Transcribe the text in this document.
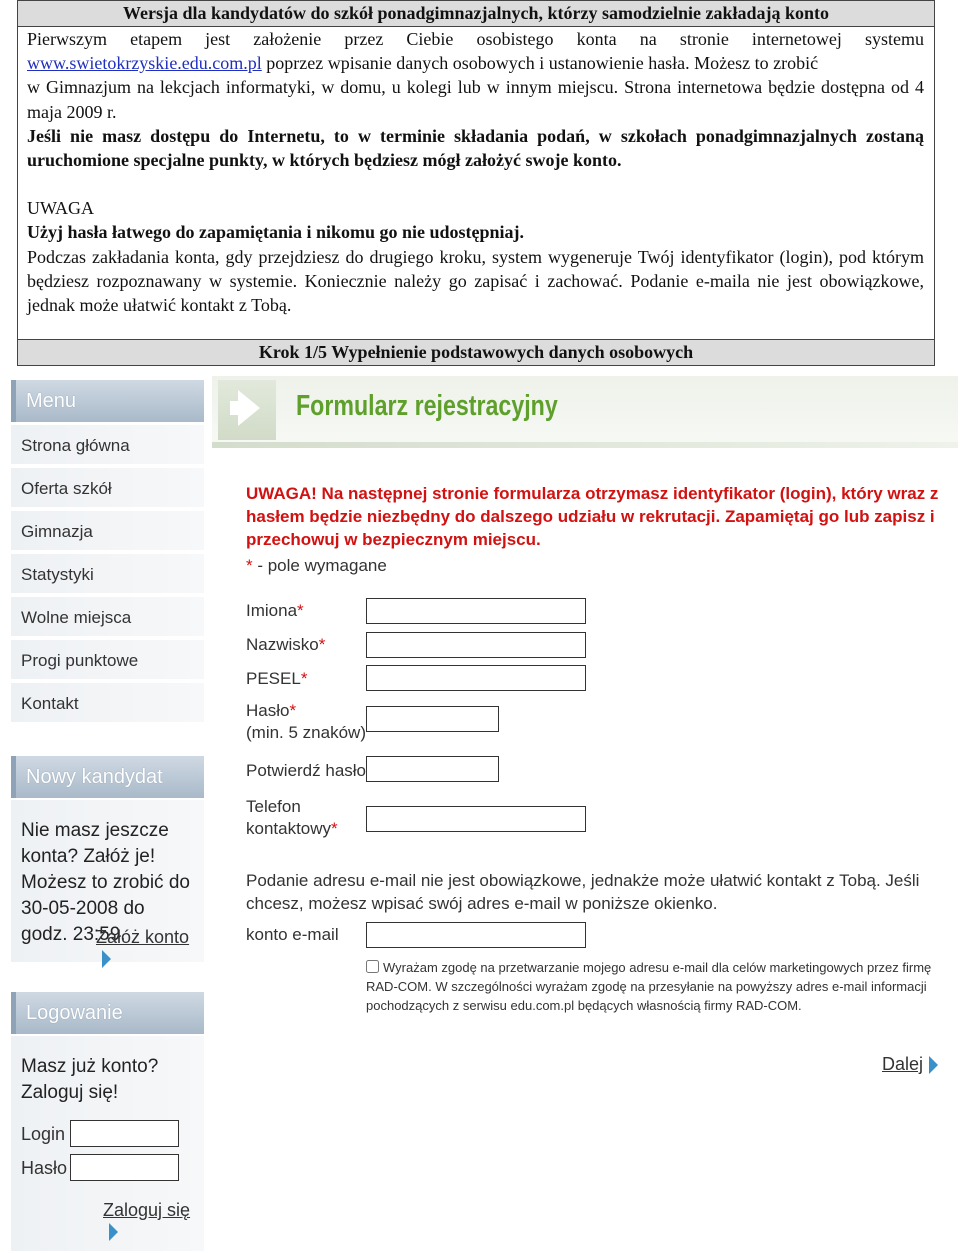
Wersja dla kandydatów do szkół ponadgimnazjalnych, którzy samodzielnie zakładają konto

Pierwszym etapem jest założenie przez Ciebie osobistego konta na stronie internetowej systemu www.swietokrzyskie.edu.com.pl poprzez wpisanie danych osobowych i ustanowienie hasła. Możesz to zrobić

w Gimnazjum na lekcjach informatyki, w domu, u kolegi lub w innym miejscu. Strona internetowa będzie dostępna od 4 maja 2009 r.

Jeśli nie masz dostępu do Internetu, to w terminie składania podań, w szkołach ponadgimnazjalnych zostaną uruchomione specjalne punkty, w których będziesz mógł założyć swoje konto.

UWAGA

Użyj hasła łatwego do zapamiętania i nikomu go nie udostępniaj.

Podczas zakładania konta, gdy przejdziesz do drugiego kroku, system wygeneruje Twój identyfikator (login), pod którym będziesz rozpoznawany w systemie. Koniecznie należy go zapisać i zachować. Podanie e-maila nie jest obowiązkowe, jednak może ułatwić kontakt z Tobą.

Krok 1/5 Wypełnienie podstawowych danych osobowych
Menu
Strona główna
Oferta szkół
Gimnazja
Statystyki
Wolne miejsca
Progi punktowe
Kontakt
Nowy kandydat
Nie masz jeszcze konta? Załóż je! Możesz to zrobić do 30-05-2008 do godz. 23:59.
Załóż konto
Logowanie
Masz już konto? Zaloguj się!
Login
Hasło
Zaloguj się
Formularz rejestracyjny
UWAGA! Na następnej stronie formularza otrzymasz identyfikator (login), który wraz z hasłem będzie niezbędny do dalszego udziału w rekrutacji. Zapamiętaj go lub zapisz i przechowuj w bezpiecznym miejscu.
* - pole wymagane
Imiona*
Nazwisko*
PESEL*
Hasło*
(min. 5 znaków)
Potwierdź hasło
Telefon
kontaktowy*
Podanie adresu e-mail nie jest obowiązkowe, jednakże może ułatwić kontakt z Tobą. Jeśli chcesz, możesz wpisać swój adres e-mail w poniższe okienko.
konto e-mail
Wyrażam zgodę na przetwarzanie mojego adresu e-mail dla celów marketingowych przez firmę RAD-COM. W szczególności wyrażam zgodę na przesyłanie na powyższy adres e-mail informacji pochodzących z serwisu edu.com.pl będących własnością firmy RAD-COM.
Dalej
